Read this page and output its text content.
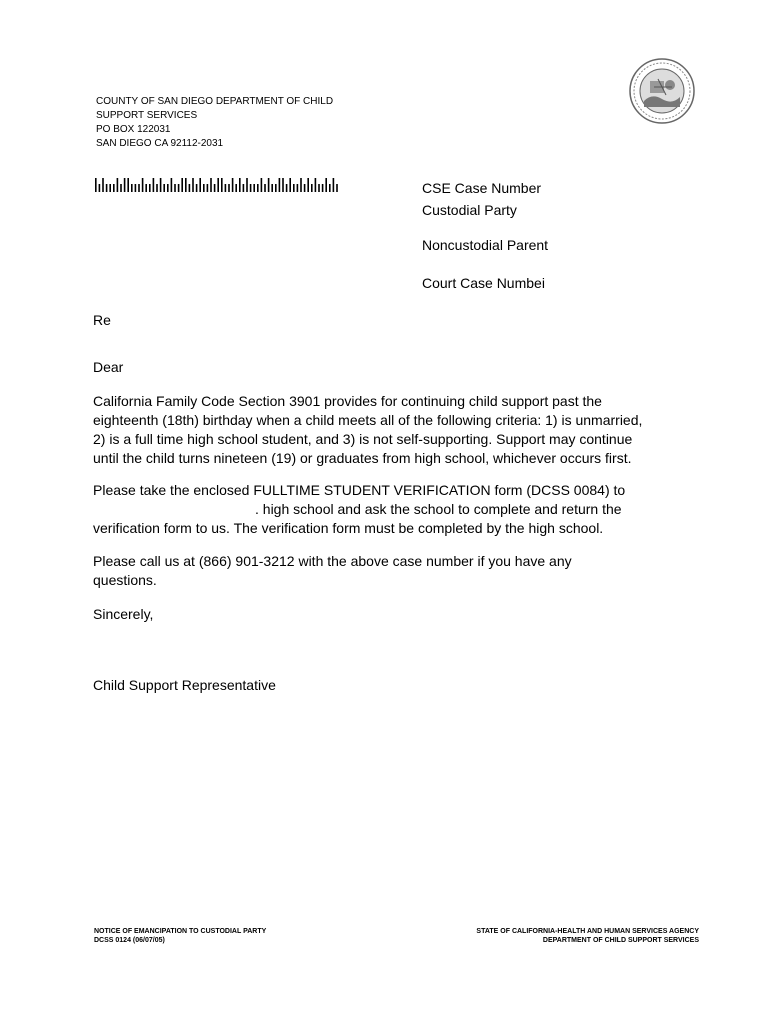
COUNTY OF SAN DIEGO DEPARTMENT OF CHILD
SUPPORT SERVICES
PO BOX 122031
SAN DIEGO CA 92112-2031
CSE Case Number
Custodial Party
Noncustodial Parent
Court Case Numbei
Re
Dear
California Family Code Section 3901 provides for continuing child support past the
eighteenth (18th) birthday when a child meets all of the following criteria: 1) is unmarried,
2) is a full time high school student, and 3) is not self-supporting. Support may continue
until the child turns nineteen (19) or graduates from high school, whichever occurs first.
Please take the enclosed FULLTIME STUDENT VERIFICATION form (DCSS 0084) to
. high school and ask the school to complete and return the
verification form to us. The verification form must be completed by the high school.
Please call us at (866) 901-3212 with the above case number if you have any
questions.
Sincerely,
Child Support Representative
NOTICE OF EMANCIPATION TO CUSTODIAL PARTY
DCSS 0124 (06/07/05)
STATE OF CALIFORNIA-HEALTH AND HUMAN SERVICES AGENCY
DEPARTMENT OF CHILD SUPPORT SERVICES
